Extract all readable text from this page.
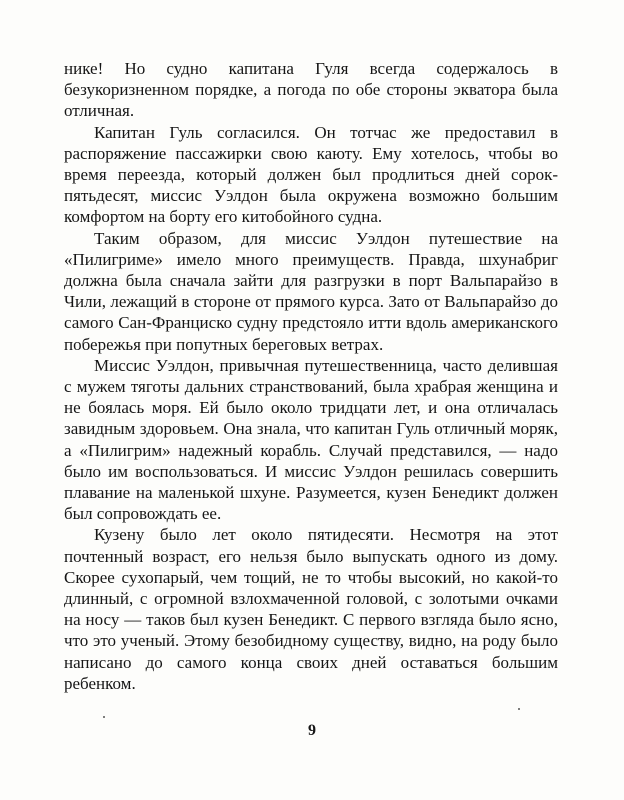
нике! Но судно капитана Гуля всегда содержалось в безукоризненном порядке, а погода по обе стороны экватора была отличная.

Капитан Гуль согласился. Он тотчас же предоставил в распоряжение пассажирки свою каюту. Ему хотелось, чтобы во время переезда, который должен был продлиться дней сорок-пятьдесят, миссис Уэлдон была окружена возможно большим комфортом на борту его китобойного судна.

Таким образом, для миссис Уэлдон путешествие на «Пилигриме» имело много преимуществ. Правда, шхунабриг должна была сначала зайти для разгрузки в порт Вальпарайзо в Чили, лежащий в стороне от прямого курса. Зато от Вальпарайзо до самого Сан-Франциско судну предстояло итти вдоль американского побережья при попутных береговых ветрах.

Миссис Уэлдон, привычная путешественница, часто делившая с мужем тяготы дальних странствований, была храбрая женщина и не боялась моря. Ей было около тридцати лет, и она отличалась завидным здоровьем. Она знала, что капитан Гуль отличный моряк, а «Пилигрим» надежный корабль. Случай представился, — надо было им воспользоваться. И миссис Уэлдон решилась совершить плавание на маленькой шхуне. Разумеется, кузен Бенедикт должен был сопровождать ее.

Кузену было лет около пятидесяти. Несмотря на этот почтенный возраст, его нельзя было выпускать одного из дому. Скорее сухопарый, чем тощий, не то чтобы высокий, но какой-то длинный, с огромной взлохмаченной головой, с золотыми очками на носу — таков был кузен Бенедикт. С первого взгляда было ясно, что это ученый. Этому безобидному существу, видно, на роду было написано до самого конца своих дней оставаться большим ребенком.

9
